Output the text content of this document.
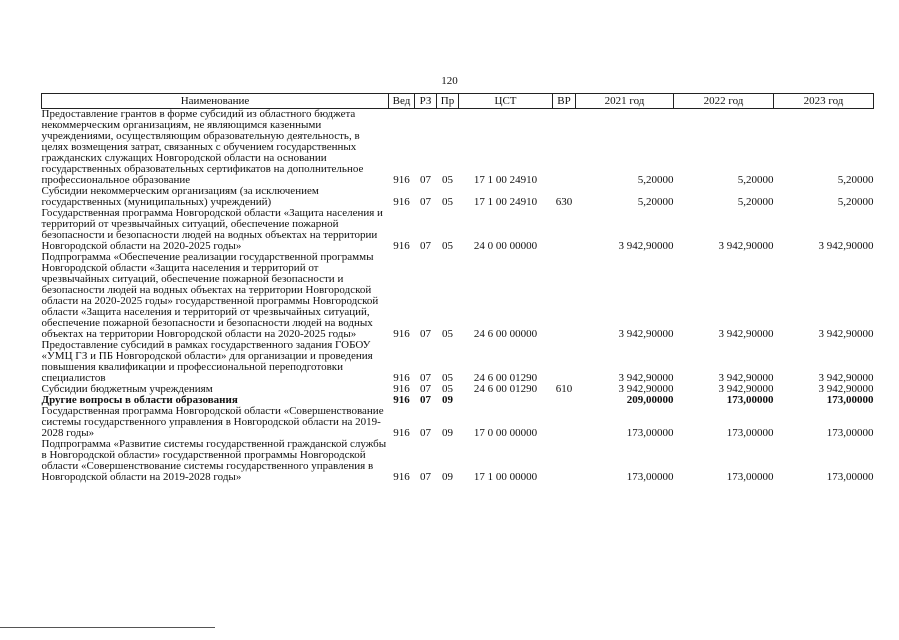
120
Наименование	Вед	РЗ	Пр	ЦСТ	ВР	2021 год	2022 год	2023 год
Предоставление грантов в форме субсидий из областного бюджета некоммерческим организациям, не являющимся казенными учреждениями, осуществляющим образовательную деятельность, в целях возмещения затрат, связанных с обучением государственных гражданских служащих Новгородской области на основании государственных образовательных сертификатов на дополнительное профессиональное образование	916	07	05	17 1 00 24910		5,20000	5,20000	5,20000
Субсидии некоммерческим организациям (за исключением государственных (муниципальных) учреждений)	916	07	05	17 1 00 24910	630	5,20000	5,20000	5,20000
Государственная программа Новгородской области «Защита населения и территорий от чрезвычайных ситуаций, обеспечение пожарной безопасности и безопасности людей на водных объектах на территории Новгородской области на 2020-2025 годы»	916	07	05	24 0 00 00000		3 942,90000	3 942,90000	3 942,90000
Подпрограмма «Обеспечение реализации государственной программы Новгородской области «Защита населения и территорий от чрезвычайных ситуаций, обеспечение пожарной безопасности и безопасности людей на водных объектах на территории Новгородской области на 2020-2025 годы» государственной программы Новгородской области «Защита населения и территорий от чрезвычайных ситуаций, обеспечение пожарной безопасности и безопасности людей на водных объектах на территории Новгородской области на 2020-2025 годы»	916	07	05	24 6 00 00000		3 942,90000	3 942,90000	3 942,90000
Предоставление субсидий в рамках государственного задания ГОБОУ «УМЦ ГЗ и ПБ Новгородской области» для организации и проведения повышения квалификации и профессиональной переподготовки специалистов	916	07	05	24 6 00 01290		3 942,90000	3 942,90000	3 942,90000
Субсидии бюджетным учреждениям	916	07	05	24 6 00 01290	610	3 942,90000	3 942,90000	3 942,90000
Другие вопросы в области образования	916	07	09			209,00000	173,00000	173,00000
Государственная программа Новгородской области «Совершенствование системы государственного управления в Новгородской области на 2019-2028 годы»	916	07	09	17 0 00 00000		173,00000	173,00000	173,00000
Подпрограмма «Развитие системы государственной гражданской службы в Новгородской области» государственной программы Новгородской области «Совершенствование системы государственного управления в Новгородской области на 2019-2028 годы»	916	07	09	17 1 00 00000		173,00000	173,00000	173,00000
